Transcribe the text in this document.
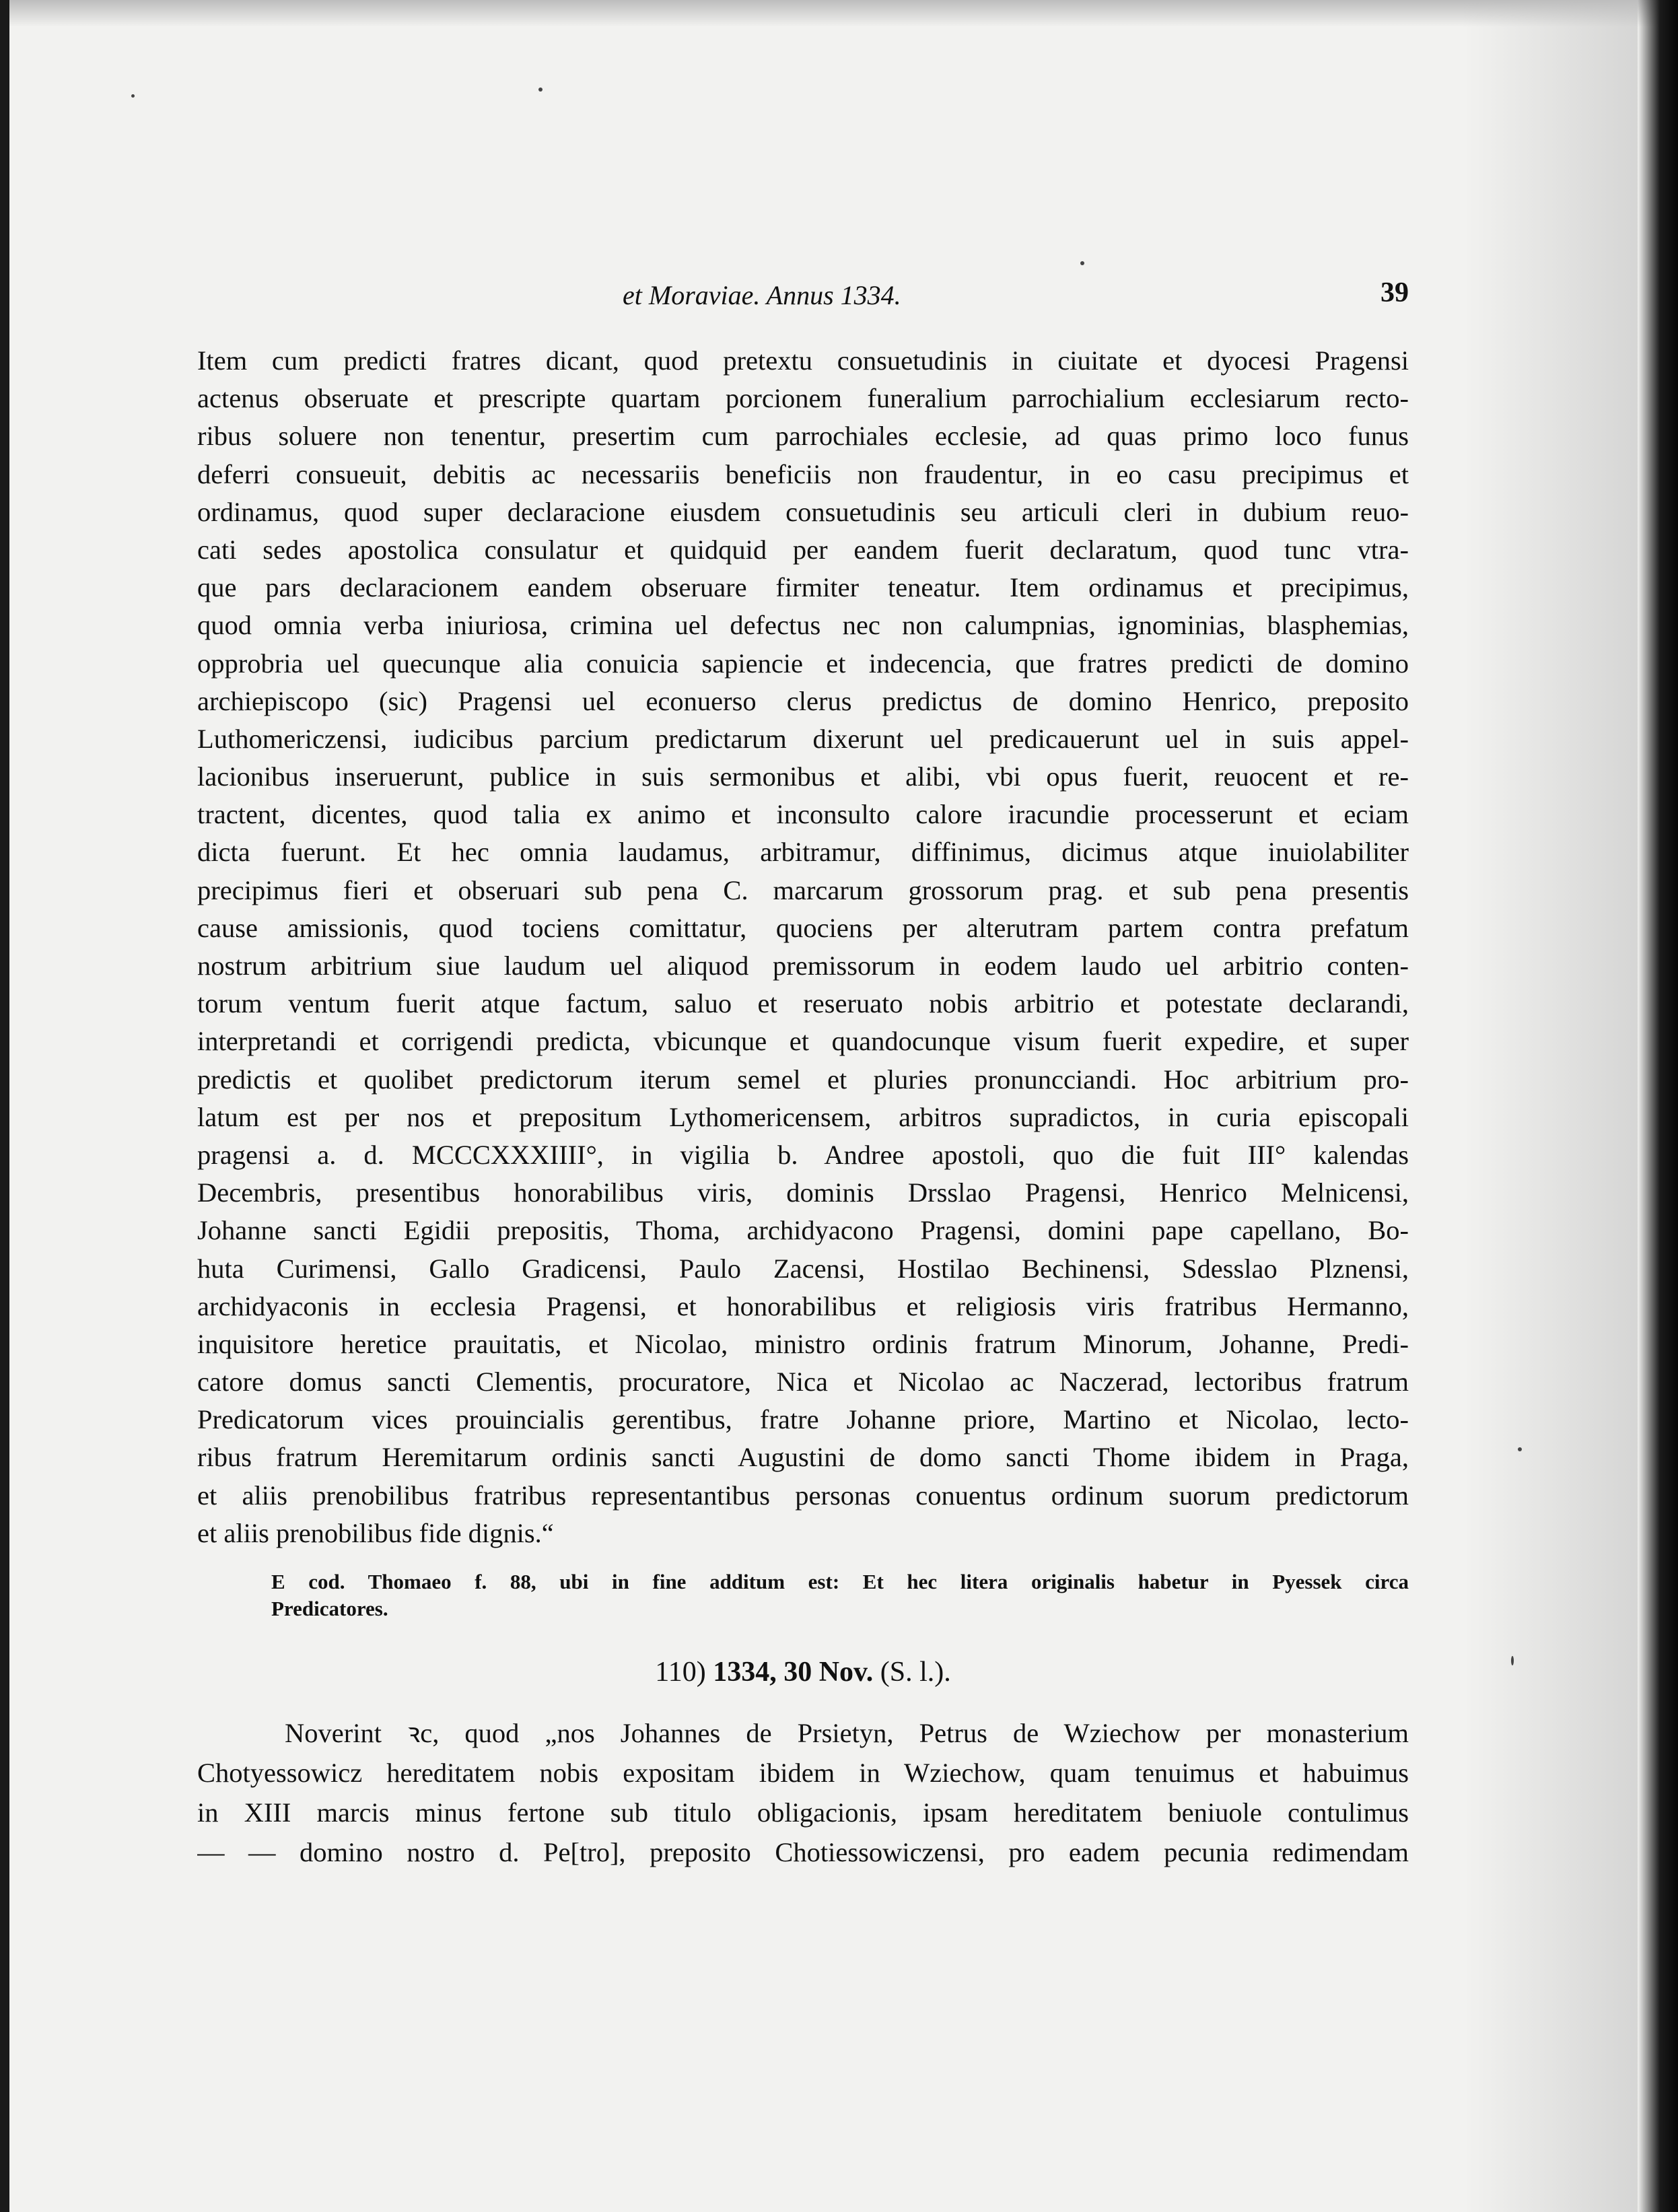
et Moraviae. Annus 1334.	39
Item cum predicti fratres dicant, quod pretextu consuetudinis in ciuitate et dyocesi Pragensi
actenus obseruate et prescripte quartam porcionem funeralium parrochialium ecclesiarum recto-
ribus soluere non tenentur, presertim cum parrochiales ecclesie, ad quas primo loco funus
deferri consueuit, debitis ac necessariis beneficiis non fraudentur, in eo casu precipimus et
ordinamus, quod super declaracione eiusdem consuetudinis seu articuli cleri in dubium reuo-
cati sedes apostolica consulatur et quidquid per eandem fuerit declaratum, quod tunc vtra-
que pars declaracionem eandem obseruare firmiter teneatur. Item ordinamus et precipimus,
quod omnia verba iniuriosa, crimina uel defectus nec non calumpnias, ignominias, blasphemias,
opprobria uel quecunque alia conuicia sapiencie et indecencia, que fratres predicti de domino
archiepiscopo (sic) Pragensi uel econuerso clerus predictus de domino Henrico, preposito
Luthomericzensi, iudicibus parcium predictarum dixerunt uel predicauerunt uel in suis appel-
lacionibus inseruerunt, publice in suis sermonibus et alibi, vbi opus fuerit, reuocent et re-
tractent, dicentes, quod talia ex animo et inconsulto calore iracundie processerunt et eciam
dicta fuerunt. Et hec omnia laudamus, arbitramur, diffinimus, dicimus atque inuiolabiliter
precipimus fieri et obseruari sub pena C. marcarum grossorum prag. et sub pena presentis
cause amissionis, quod tociens comittatur, quociens per alterutram partem contra prefatum
nostrum arbitrium siue laudum uel aliquod premissorum in eodem laudo uel arbitrio conten-
torum ventum fuerit atque factum, saluo et reseruato nobis arbitrio et potestate declarandi,
interpretandi et corrigendi predicta, vbicunque et quandocunque visum fuerit expedire, et super
predictis et quolibet predictorum iterum semel et pluries pronuncciandi. Hoc arbitrium pro-
latum est per nos et prepositum Lythomericensem, arbitros supradictos, in curia episcopali
pragensi a. d. MCCCXXXIIII°, in vigilia b. Andree apostoli, quo die fuit III° kalendas
Decembris, presentibus honorabilibus viris, dominis Drsslao Pragensi, Henrico Melnicensi,
Johanne sancti Egidii prepositis, Thoma, archidyacono Pragensi, domini pape capellano, Bo-
huta Curimensi, Gallo Gradicensi, Paulo Zacensi, Hostilao Bechinensi, Sdesslao Plznensi,
archidyaconis in ecclesia Pragensi, et honorabilibus et religiosis viris fratribus Hermanno,
inquisitore heretice prauitatis, et Nicolao, ministro ordinis fratrum Minorum, Johanne, Predi-
catore domus sancti Clementis, procuratore, Nica et Nicolao ac Naczerad, lectoribus fratrum
Predicatorum vices prouincialis gerentibus, fratre Johanne priore, Martino et Nicolao, lecto-
ribus fratrum Heremitarum ordinis sancti Augustini de domo sancti Thome ibidem in Praga,
et aliis prenobilibus fratribus representantibus personas conuentus ordinum suorum predictorum
et aliis prenobilibus fide dignis.“
E cod. Thomaeo f. 88, ubi in fine additum est: Et hec litera originalis habetur in Pyessek circa
Predicatores.
110) 1334, 30 Nov. (S. l.).
Noverint ꝛc, quod „nos Johannes de Prsietyn, Petrus de Wziechow per monasterium
Chotyessowicz hereditatem nobis expositam ibidem in Wziechow, quam tenuimus et habuimus
in XIII marcis minus fertone sub titulo obligacionis, ipsam hereditatem beniuole contulimus
— — domino nostro d. Pe[tro], preposito Chotiessowiczensi, pro eadem pecunia redimendam
